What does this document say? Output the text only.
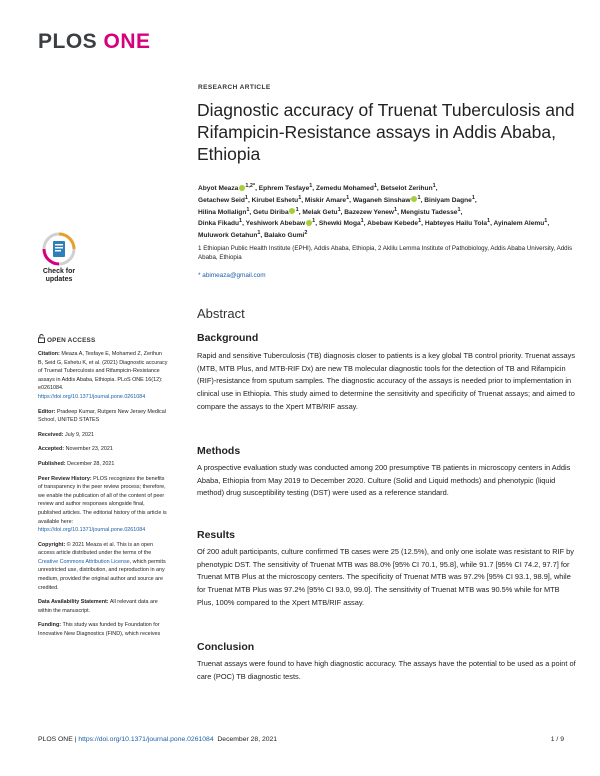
PLOS ONE
RESEARCH ARTICLE
Diagnostic accuracy of Truenat Tuberculosis and Rifampicin-Resistance assays in Addis Ababa, Ethiopia
Abyot Meaza $^{1,2*}$, Ephrem Tesfaye$^1$, Zemedu Mohamed$^1$, Betselot Zerihun$^1$,
Getachew Seid$^1$, Kirubel Eshetu$^1$, Miskir Amare$^1$, Waganeh Sinshaw $^1$, Biniyam Dagne$^1$,
Hilina Mollalign$^1$, Getu Diriba $^1$, Melak Getu$^1$, Bazezew Yenew$^1$, Mengistu Tadesse$^1$,
Dinka Fikadu$^1$, Yeshiwork Abebaw $^1$, Shewki Moga$^1$, Abebaw Kebede$^1$, Habteyes Hailu Tola$^1$, Ayinalem Alemu$^1$, Muluwork Getahun$^1$, Balako Gumi$^2$
1 Ethiopian Public Health Institute (EPHI), Addis Ababa, Ethiopia, 2 Aklilu Lemma Institute of Pathobiology, Addis Ababa University, Addis Ababa, Ethiopia
* abimeaza@gmail.com
Check for
updates
OPEN ACCESS

Citation: Meaza A, Tesfaye E, Mohamed Z, Zerihun B, Seid G, Eshetu K, et al. (2021) Diagnostic accuracy of Truenat Tuberculosis and Rifampicin-Resistance assays in Addis Ababa, Ethiopia. PLoS ONE 16(12): e0261084. https://doi.org/10.1371/journal.pone.0261084

Editor: Pradeep Kumar, Rutgers New Jersey Medical School, UNITED STATES

Received: July 9, 2021

Accepted: November 23, 2021

Published: December 28, 2021

Peer Review History: PLOS recognizes the benefits of transparency in the peer review process; therefore, we enable the publication of all of the content of peer review and author responses alongside final, published articles. The editorial history of this article is available here: https://doi.org/10.1371/journal.pone.0261084

Copyright: © 2021 Meaza et al. This is an open access article distributed under the terms of the Creative Commons Attribution License, which permits unrestricted use, distribution, and reproduction in any medium, provided the original author and source are credited.

Data Availability Statement: All relevant data are within the manuscript.

Funding: This study was funded by Foundation for Innovative New Diagnostics (FIND), which receives

Abstract
Background

Rapid and sensitive Tuberculosis (TB) diagnosis closer to patients is a key global TB control priority. Truenat assays (MTB, MTB Plus, and MTB-RIF Dx) are new TB molecular diagnostic tools for the detection of TB and Rifampicin (RIF)-resistance from sputum samples. The diagnostic accuracy of the assays is needed prior to implementation in clinical use in Ethiopia. This study aimed to determine the sensitivity and specificity of Truenat assays; and aimed to compare the assays to the Xpert MTB/RIF assay.

Methods

A prospective evaluation study was conducted among 200 presumptive TB patients in microscopy centers in Addis Ababa, Ethiopia from May 2019 to December 2020. Culture (Solid and Liquid methods) and phenotypic (liquid method) drug susceptibility testing (DST) were used as a reference standard.

Results

Of 200 adult participants, culture confirmed TB cases were 25 (12.5%), and only one isolate was resistant to RIF by phenotypic DST. The sensitivity of Truenat MTB was 88.0% [95% CI 70.1, 95.8], while 91.7 [95% CI 74.2, 97.7] for Truenat MTB Plus at the microscopy centers. The specificity of Truenat MTB was 97.2% [95% CI 93.1, 98.9], while for Truenat MTB Plus was 97.2% [95% CI 93.0, 99.0]. The sensitivity of Truenat MTB was 90.5% while for MTB Plus, 100% compared to the Xpert MTB/RIF assay.

Conclusion

Truenat assays were found to have high diagnostic accuracy. The assays have the potential to be used as a point of care (POC) TB diagnostic tests.

PLOS ONE | https://doi.org/10.1371/journal.pone.0261084 December 28, 2021	1 / 9
